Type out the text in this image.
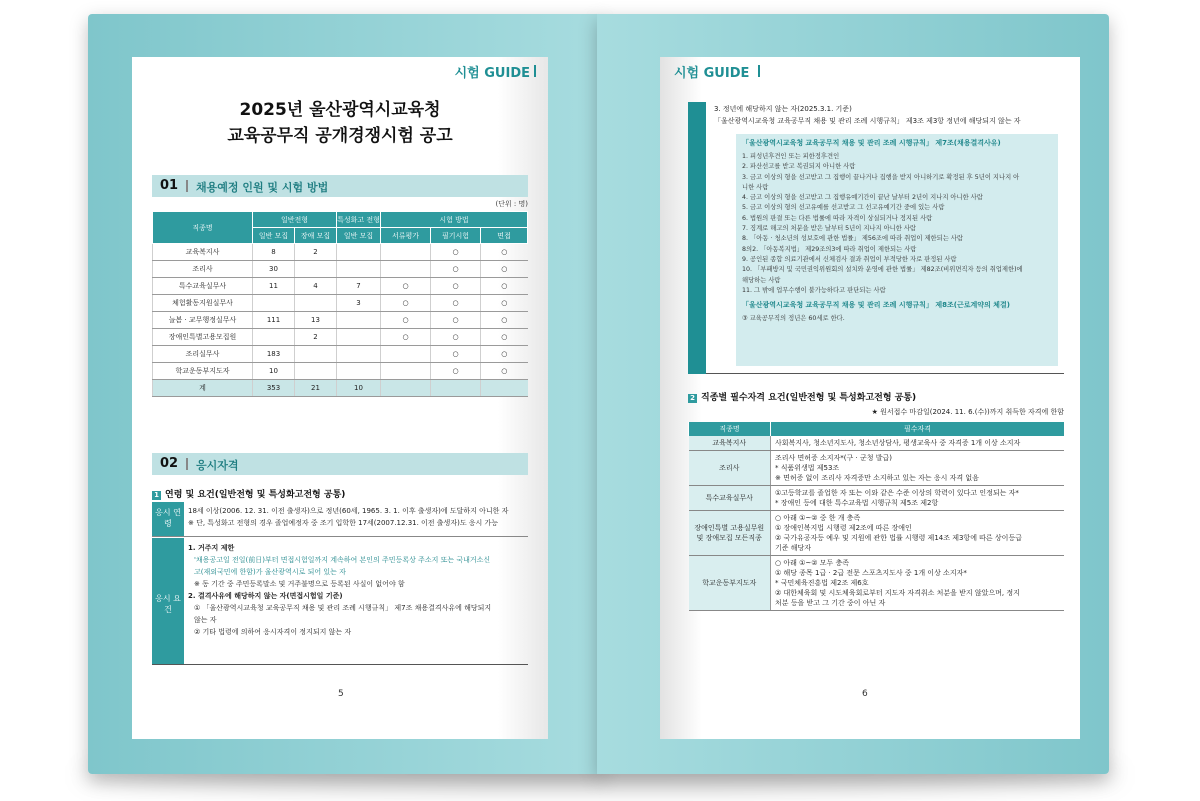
시험 GUIDE
2025년 울산광역시교육청
교육공무직 공개경쟁시험 공고
01 채용예정 인원 및 시험 방법
(단위 : 명)
직종명	일반전형		특성화고 전형	시험 방법		
	일반 모집	장애 모집	일반 모집	서류평가	필기시험	면접
교육복지사	8	2			○	○
조리사	30				○	○
특수교육실무사	11	4	7	○	○	○
체험활동지원실무사			3	○	○	○
늘봄 · 교무행정실무사	111	13		○	○	○
장애인특별고용모집원		2		○	○	○
조리실무사	183				○	○
학교운동부지도자	10				○	○
계	353	21	10			
02 응시자격
1 연령 및 요건(일반전형 및 특성화고전형 공통)
응시 연령
18세 이상(2006. 12. 31. 이전 출생자)으로 정년(60세, 1965. 3. 1. 이후 출생자)에 도달하지 아니한 자
※ 단, 특성화고 전형의 경우 졸업예정자 중 조기 입학한 17세(2007.12.31. 이전 출생자)도 응시 가능
응시 요건
1. 거주지 제한
'채용공고일 전일(前日)부터 면접시험일까지 계속하여 본인의 주민등록상 주소지 또는 국내거소신
고(재외국민에 한함)가 울산광역시로 되어 있는 자
※ 동 기간 중 주민등록말소 및 거주불명으로 등록된 사실이 없어야 함
2. 결격사유에 해당하지 않는 자(면접시험일 기준)
① 「울산광역시교육청 교육공무직 채용 및 관리 조례 시행규칙」 제7조 채용결격사유에 해당되지
않는 자
② 기타 법령에 의하여 응시자격이 정지되지 않는 자
5
시험 GUIDE
3. 정년에 해당하지 않는 자(2025.3.1. 기준)
「울산광역시교육청 교육공무직 채용 및 관리 조례 시행규칙」 제3조 제3항 정년에 해당되지 않는 자
「울산광역시교육청 교육공무직 채용 및 관리 조례 시행규칙」 제7조(채용결격사유)
1. 피성년후견인 또는 피한정후견인
2. 파산선고를 받고 복권되지 아니한 사람
3. 금고 이상의 형을 선고받고 그 집행이 끝나거나 집행을 받지 아니하기로 확정된 후 5년이 지나지 아
니한 사람
4. 금고 이상의 형을 선고받고 그 집행유예기간이 끝난 날부터 2년이 지나지 아니한 사람
5. 금고 이상의 형의 선고유예를 선고받고 그 선고유예기간 중에 있는 사람
6. 법원의 판결 또는 다른 법률에 따라 자격이 상실되거나 정지된 사람
7. 징계로 해고의 처분을 받은 날부터 5년이 지나지 아니한 사람
8. 「아동 · 청소년의 성보호에 관한 법률」 제56조에 따라 취업이 제한되는 사람
8의2. 「아동복지법」 제29조의3에 따라 취업이 제한되는 사람
9. 공인된 종합 의료기관에서 신체검사 결과 취업이 부적당한 자로 판정된 사람
10. 「부패방지 및 국민권익위원회의 설치와 운영에 관한 법률」 제82조(비위면직자 등의 취업제한)에
해당하는 사람
11. 그 밖에 업무수행이 불가능하다고 판단되는 사람
「울산광역시교육청 교육공무직 채용 및 관리 조례 시행규칙」 제8조(근로계약의 체결)
③ 교육공무직의 정년은 60세로 한다.
2 직종별 필수자격 요건(일반전형 및 특성화고전형 공통)
★ 원서접수 마감일(2024. 11. 6.(수))까지 취득한 자격에 한함
직종명	필수자격
교육복지사	사회복지사, 청소년지도사, 청소년상담사, 평생교육사 중 자격증 1개 이상 소지자

조리사	조리사 면허증 소지자*(구 · 군청 발급)
* 식품위생법 제53조
※ 면허증 없이 조리사 자격증만 소지하고 있는 자는 응시 자격 없음

특수교육실무사	①고등학교를 졸업한 자 또는 이와 같은 수준 이상의 학력이 있다고 인정되는 자*
* 장애인 등에 대한 특수교육법 시행규칙 제5조 제2항

장애인특별 고용실무원 및 장애모집 모든직종	○ 아래 ①~② 중 한 개 충족
① 장애인복지법 시행령 제2조에 따른 장애인
② 국가유공자등 예우 및 지원에 관한 법률 시행령 제14조 제3항에 따른 상이등급
기준 해당자

학교운동부지도자	○ 아래 ①~② 모두 충족
① 해당 종목 1급 · 2급 전문 스포츠지도사 중 1개 이상 소지자*
* 국민체육진흥법 제2조 제6호
② 대한체육회 및 시도체육회로부터 지도자 자격취소 처분을 받지 않았으며, 정지
처분 등을 받고 그 기간 중이 아닌 자
6
